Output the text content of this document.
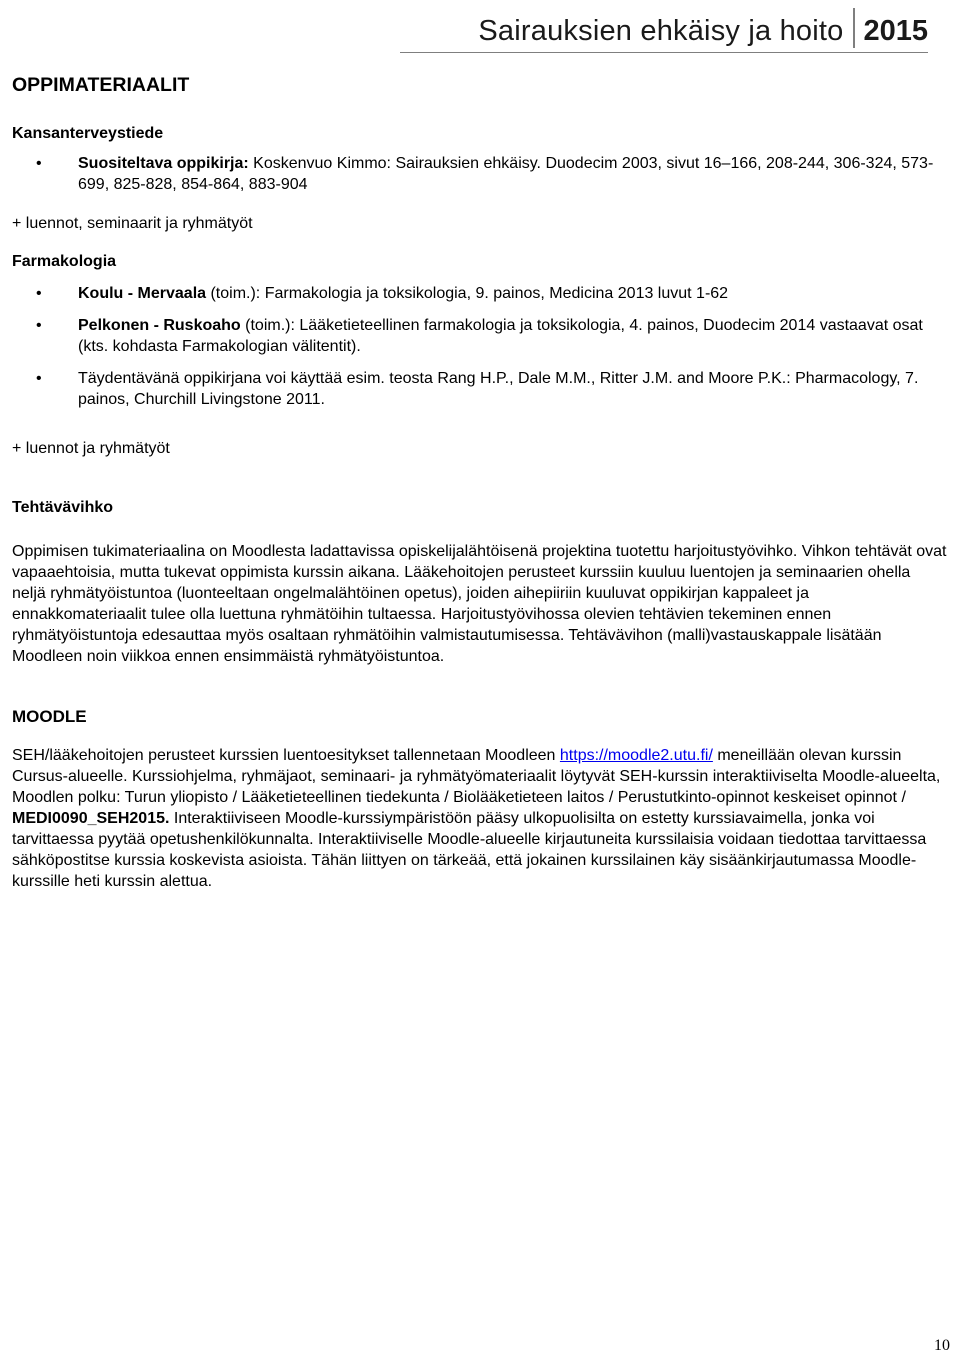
Sairauksien ehkäisy ja hoito 2015
OPPIMATERIAALIT
Kansanterveystiede
• Suositeltava oppikirja: Koskenvuo Kimmo: Sairauksien ehkäisy. Duodecim 2003, sivut 16–166, 208-244, 306-324, 573-699, 825-828, 854-864, 883-904

+ luennot, seminaarit ja ryhmätyöt

Farmakologia
• Koulu - Mervaala (toim.): Farmakologia ja toksikologia, 9. painos, Medicina 2013 luvut 1-62
• Pelkonen - Ruskoaho (toim.): Lääketieteellinen farmakologia ja toksikologia, 4. painos, Duodecim 2014 vastaavat osat (kts. kohdasta Farmakologian välitentit).
• Täydentävänä oppikirjana voi käyttää esim. teosta Rang H.P., Dale M.M., Ritter J.M. and Moore P.K.: Pharmacology, 7. painos, Churchill Livingstone 2011.

+ luennot ja ryhmätyöt

Tehtävävihko

Oppimisen tukimateriaalina on Moodlesta ladattavissa opiskelijalähtöisenä projektina tuotettu harjoitustyövihko. Vihkon tehtävät ovat vapaaehtoisia, mutta tukevat oppimista kurssin aikana. Lääkehoitojen perusteet kurssiin kuuluu luentojen ja seminaarien ohella neljä ryhmätyöistuntoa (luonteeltaan ongelmalähtöinen opetus), joiden aihepiiriin kuuluvat oppikirjan kappaleet ja ennakkomateriaalit tulee olla luettuna ryhmätöihin tultaessa. Harjoitustyövihossa olevien tehtävien tekeminen ennen ryhmätyöistuntoja edesauttaa myös osaltaan ryhmätöihin valmistautumisessa. Tehtävävihon (malli)vastauskappale lisätään Moodleen noin viikkoa ennen ensimmäistä ryhmätyöistuntoa.

MOODLE

SEH/lääkehoitojen perusteet kurssien luentoesitykset tallennetaan Moodleen https://moodle2.utu.fi/ meneillään olevan kurssin Cursus-alueelle. Kurssiohjelma, ryhmäjaot, seminaari- ja ryhmätyömateriaalit löytyvät SEH-kurssin interaktiiviselta Moodle-alueelta, Moodlen polku: Turun yliopisto / Lääketieteellinen tiedekunta / Biolääketieteen laitos / Perustutkinto-opinnot keskeiset opinnot / MEDI0090_SEH2015. Interaktiiviseen Moodle-kurssiympäristöön pääsy ulkopuolisilta on estetty kurssiavaimella, jonka voi tarvittaessa pyytää opetushenkilökunnalta. Interaktiiviselle Moodle-alueelle kirjautuneita kurssilaisia voidaan tiedottaa tarvittaessa sähköpostitse kurssia koskevista asioista. Tähän liittyen on tärkeää, että jokainen kurssilainen käy sisäänkirjautumassa Moodle-kurssille heti kurssin alettua.

10
